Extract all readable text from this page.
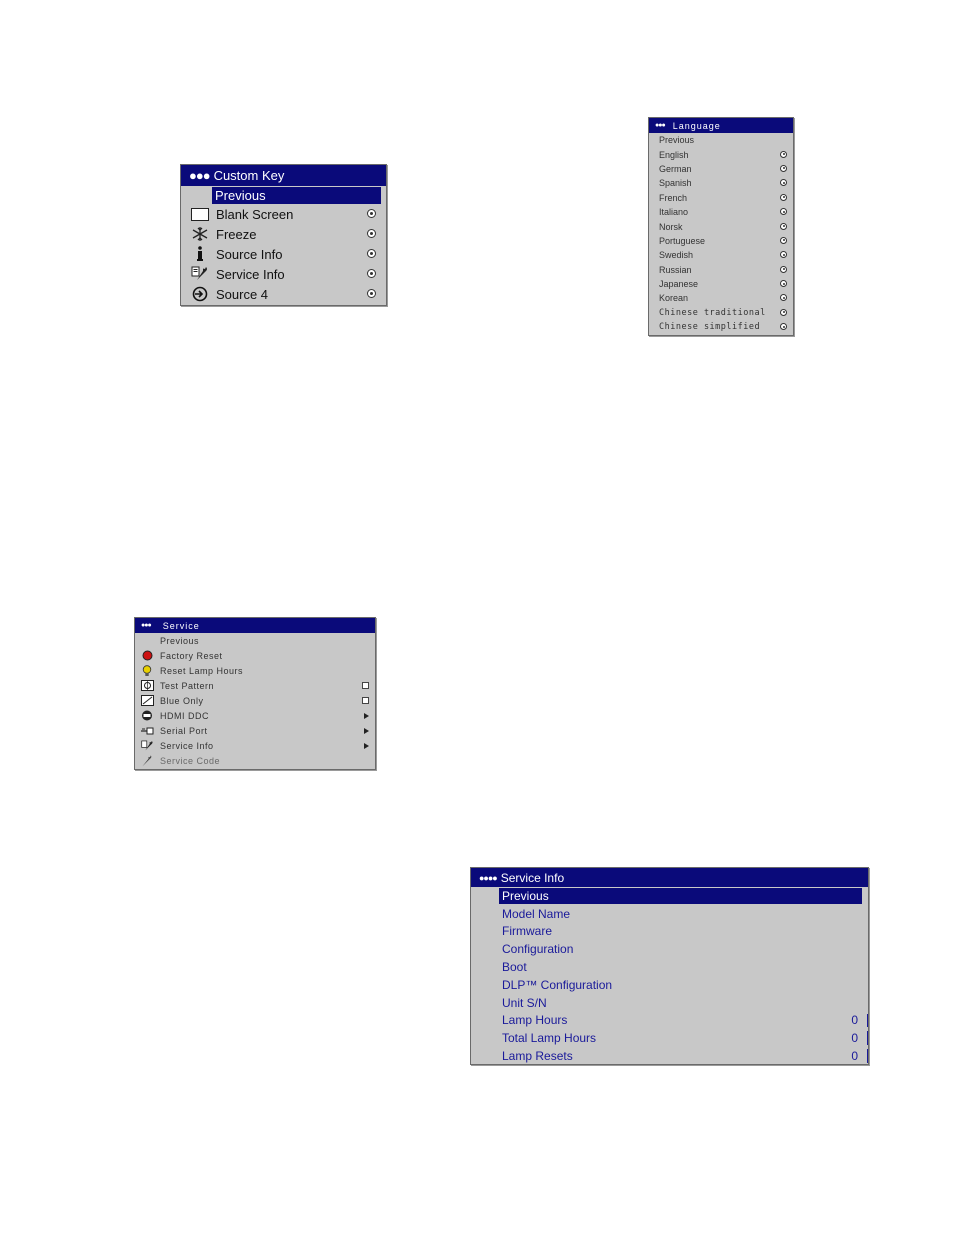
●●● Custom Key
Previous
Blank Screen
Freeze
Source Info
Service Info
Source 4
●●● Language
Previous
English
German
Spanish
French
Italiano
Norsk
Portuguese
Swedish
Russian
Japanese
Korean
Chinese traditional
Chinese simplified
●●● Service
Previous
Factory Reset
Reset Lamp Hours
Test Pattern
Blue Only
HDMI DDC
Serial Port
Service Info
Service Code
●●●● Service Info
Previous
Model Name
Firmware
Configuration
Boot
DLP™ Configuration
Unit S/N
Lamp Hours	0
Total Lamp Hours	0
Lamp Resets	0
